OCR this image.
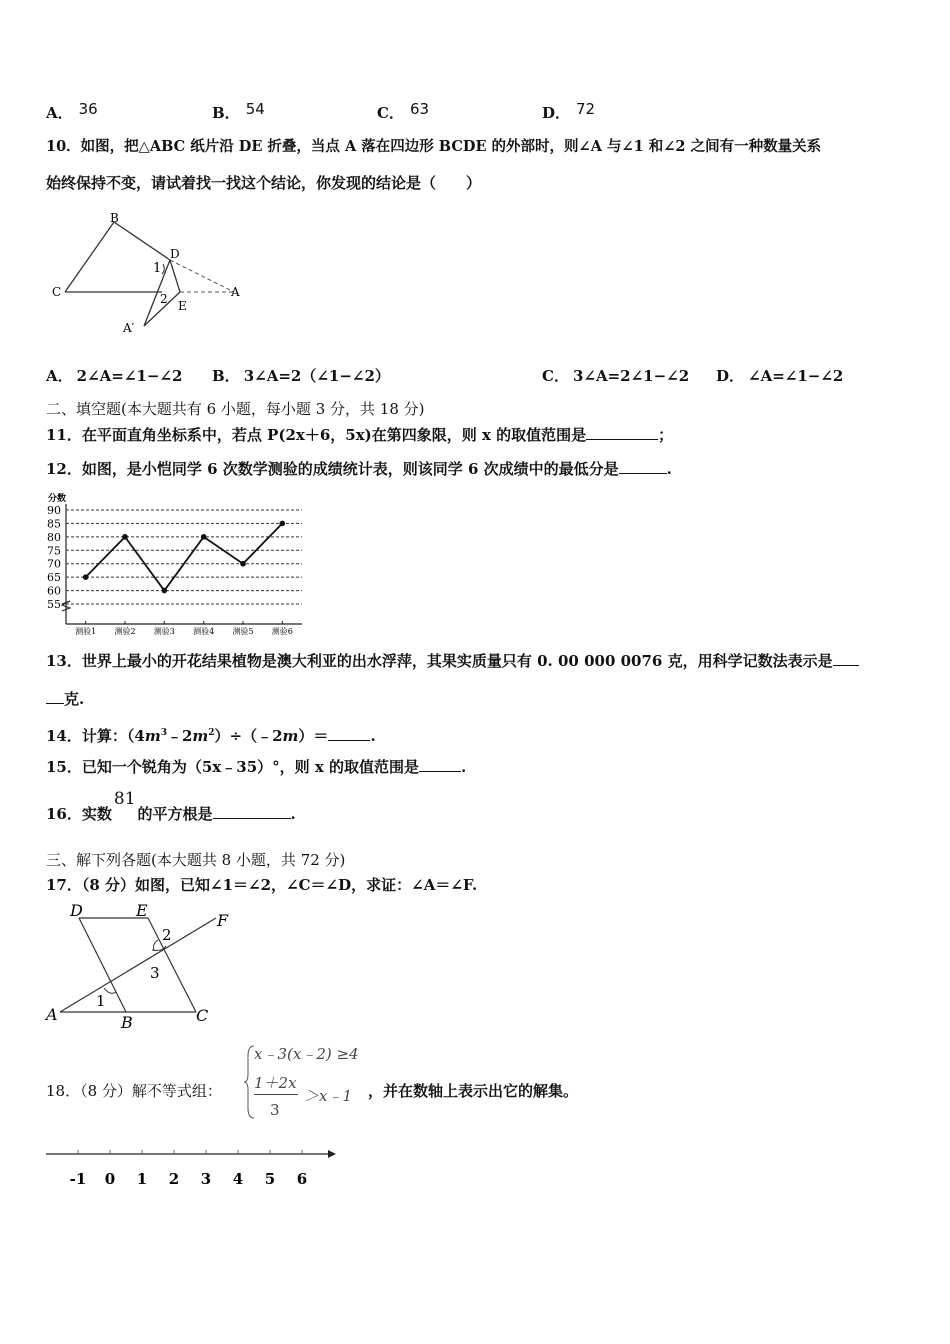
A． 36	B． 54	C． 63	D． 72
10．如图，把△ABC 纸片沿 DE 折叠，当点 A 落在四边形 BCDE 的外部时，则∠A 与∠1 和∠2 之间有一种数量关系
始终保持不变，请试着找一找这个结论，你发现的结论是（　　）
B
C
D
A
E
A′
1
2
A． 2∠A=∠1−∠2 B． 3∠A=2（∠1−∠2）	C． 3∠A=2∠1−∠2 D． ∠A=∠1−∠2
二、填空题(本大题共有 6 小题，每小题 3 分，共 18 分)
11．在平面直角坐标系中，若点 P(2x＋6，5x)在第四象限，则 x 的取值范围是	；
12．如图，是小恺同学 6 次数学测验的成绩统计表，则该同学 6 次成绩中的最低分是	.
分数
90
85
80
75
70
65
60
55
测验1 测验2 测验3 测验4 测验5 测验6
13．世界上最小的开花结果植物是澳大利亚的出水浮萍，其果实质量只有 0. 00 000 0076 克，用科学记数法表示是
克.
14．计算：$(4m^3﹣2m^2)\div(﹣2m)=$	.
15．已知一个锐角为（5x﹣35）°，则 x 的取值范围是	.
16．实数81的平方根是	.
三、解下列各题(本大题共 8 小题，共 72 分)
17．（8 分）如图，已知∠1＝∠2，∠C＝∠D，求证：∠A＝∠F.
D	E
F
A	B	C
1
2
3
18．（8 分）解不等式组：
x﹣3(x﹣2) ≥4
1＋2x
3
＞x﹣1 ，并在数轴上表示出它的解集。
-1 0 1 2 3 4 5 6
